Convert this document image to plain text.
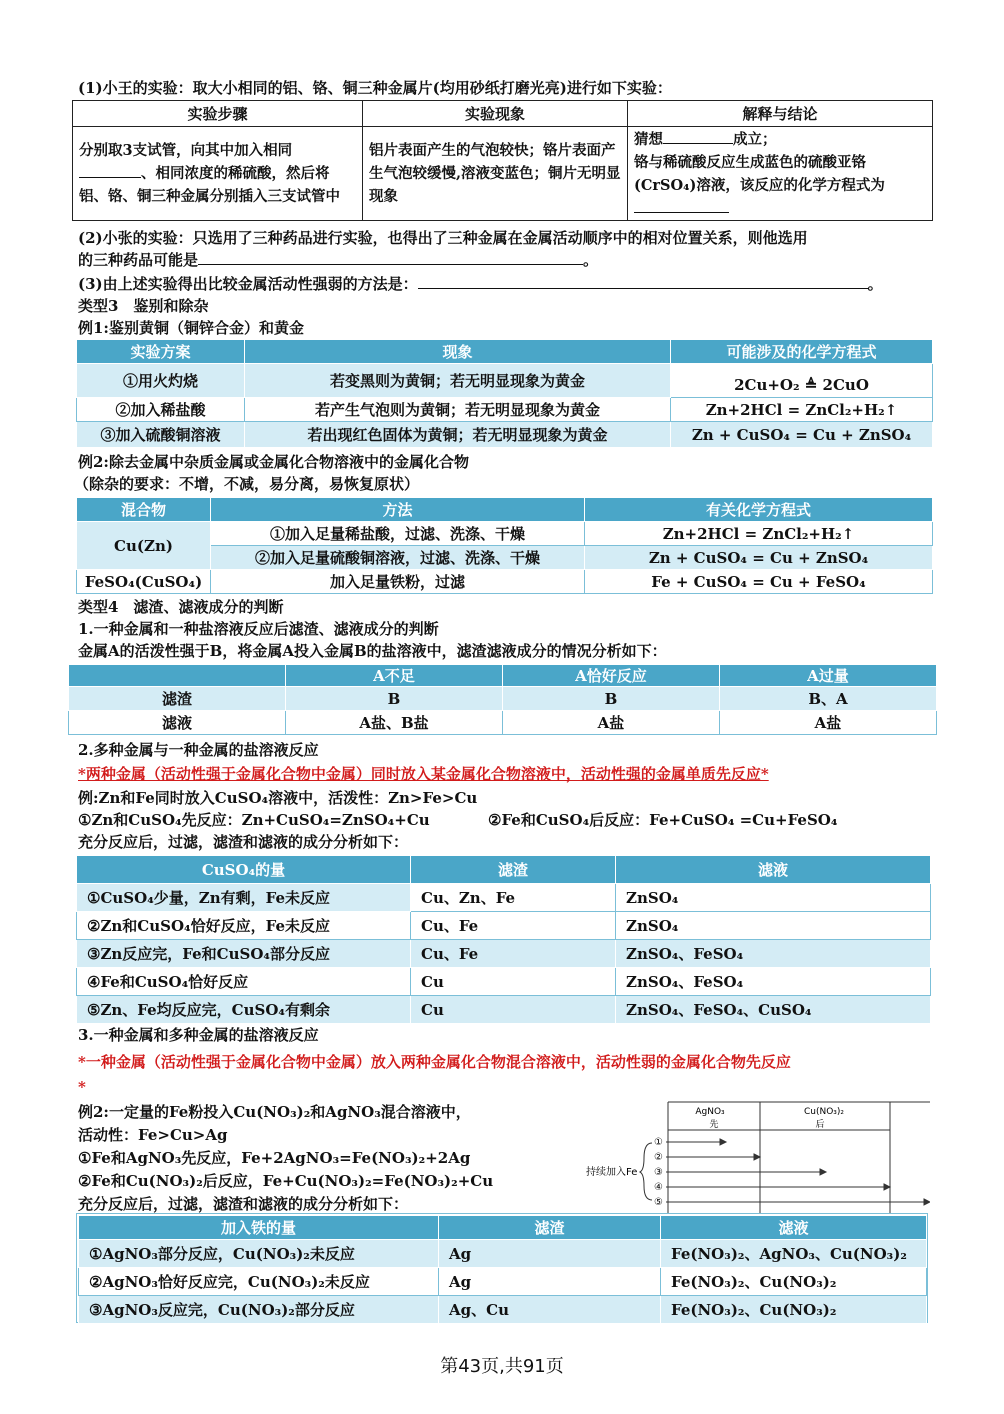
(1)小王的实验：取大小相同的铝、铬、铜三种金属片(均用砂纸打磨光亮)进行如下实验：
实验步骤	实验现象	解释与结论
分别取3支试管，向其中加入相同
、相同浓度的稀硫酸，然后将铝、铬、铜三种金属分别插入三支试管中	铝片表面产生的气泡较快；铬片表面产生气泡较缓慢,溶液变蓝色；铜片无明显现象	猜想 成立；
铬与稀硫酸反应生成蓝色的硫酸亚铬(CrSO₄)溶液，该反应的化学方程式为
(2)小张的实验：只选用了三种药品进行实验，也得出了三种金属在金属活动顺序中的相对位置关系，则他选用
的三种药品可能是	。
(3)由上述实验得出比较金属活动性强弱的方法是：	。
类型3　鉴别和除杂
例1:鉴别黄铜（铜锌合金）和黄金
实验方案	现象	可能涉及的化学方程式
①用火灼烧	若变黑则为黄铜；若无明显现象为黄金	2Cu+O₂ ≜ 2CuO
②加入稀盐酸	若产生气泡则为黄铜；若无明显现象为黄金	Zn+2HCl = ZnCl₂+H₂↑
③加入硫酸铜溶液	若出现红色固体为黄铜；若无明显现象为黄金	Zn + CuSO₄ = Cu + ZnSO₄
例2:除去金属中杂质金属或金属化合物溶液中的金属化合物
（除杂的要求：不增，不减，易分离，易恢复原状）
混合物	方法	有关化学方程式
Cu(Zn)	①加入足量稀盐酸，过滤、洗涤、干燥	Zn+2HCl = ZnCl₂+H₂↑
	②加入足量硫酸铜溶液，过滤、洗涤、干燥	Zn + CuSO₄ = Cu + ZnSO₄
FeSO₄(CuSO₄)	加入足量铁粉，过滤	Fe + CuSO₄ = Cu + FeSO₄
类型4　滤渣、滤液成分的判断
1.一种金属和一种盐溶液反应后滤渣、滤液成分的判断
金属A的活泼性强于B，将金属A投入金属B的盐溶液中，滤渣滤液成分的情况分析如下：
	A不足	A恰好反应	A过量
滤渣	B	B	B、A
滤液	A盐、B盐	A盐	A盐
2.多种金属与一种金属的盐溶液反应
*两种金属（活动性强于金属化合物中金属）同时放入某金属化合物溶液中，活动性强的金属单质先反应*
例:Zn和Fe同时放入CuSO₄溶液中，活泼性：Zn>Fe>Cu
①Zn和CuSO₄先反应：Zn+CuSO₄=ZnSO₄+Cu	②Fe和CuSO₄后反应：Fe+CuSO₄ =Cu+FeSO₄
充分反应后，过滤，滤渣和滤液的成分分析如下：
CuSO₄的量	滤渣	滤液
①CuSO₄少量，Zn有剩，Fe未反应	Cu、Zn、Fe	ZnSO₄
②Zn和CuSO₄恰好反应，Fe未反应	Cu、Fe	ZnSO₄
③Zn反应完，Fe和CuSO₄部分反应	Cu、Fe	ZnSO₄、FeSO₄
④Fe和CuSO₄恰好反应	Cu	ZnSO₄、FeSO₄
⑤Zn、Fe均反应完，CuSO₄有剩余	Cu	ZnSO₄、FeSO₄、CuSO₄
3.一种金属和多种金属的盐溶液反应
*一种金属（活动性强于金属化合物中金属）放入两种金属化合物混合溶液中，活动性弱的金属化合物先反应
*
例2:一定量的Fe粉投入Cu(NO₃)₂和AgNO₃混合溶液中，
活动性：Fe>Cu>Ag
①Fe和AgNO₃先反应，Fe+2AgNO₃=Fe(NO₃)₂+2Ag
②Fe和Cu(NO₃)₂后反应，Fe+Cu(NO₃)₂=Fe(NO₃)₂+Cu
充分反应后，过滤，滤渣和滤液的成分分析如下：
AgNO₃
先
Cu(NO₃)₂
后
持续加入Fe
①
②
③
④
⑤
加入铁的量	滤渣	滤液
①AgNO₃部分反应，Cu(NO₃)₂未反应	Ag	Fe(NO₃)₂、AgNO₃、Cu(NO₃)₂
②AgNO₃恰好反应完，Cu(NO₃)₂未反应	Ag	Fe(NO₃)₂、Cu(NO₃)₂
③AgNO₃反应完，Cu(NO₃)₂部分反应	Ag、Cu	Fe(NO₃)₂、Cu(NO₃)₂
第43页,共91页
